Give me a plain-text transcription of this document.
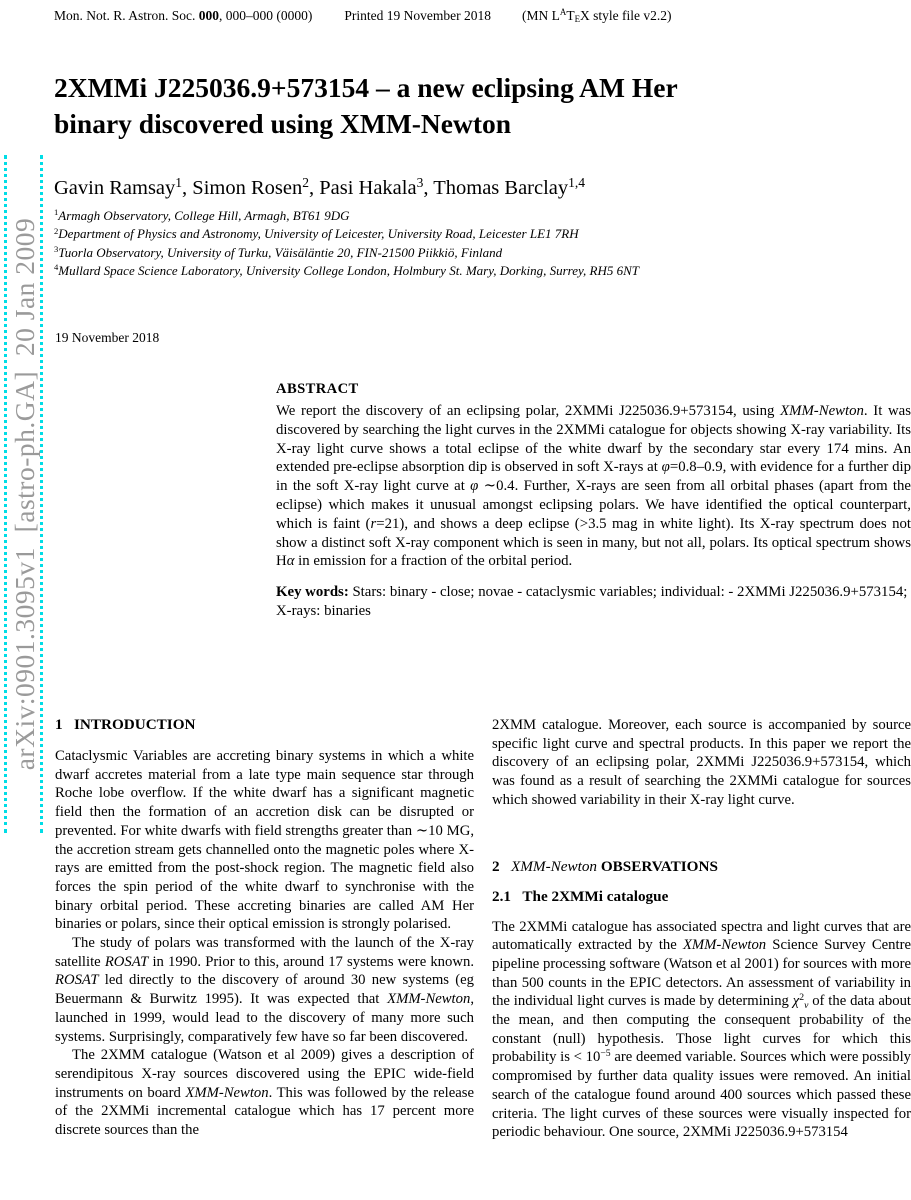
Mon. Not. R. Astron. Soc. 000, 000–000 (0000) Printed 19 November 2018 (MN $L^AT_EX$ style file v2.2)
arXiv:0901.3095v1  [astro-ph.GA]  20 Jan 2009
2XMMi J225036.9+573154 – a new eclipsing AM Her
binary discovered using XMM-Newton
Gavin Ramsay$^1$, Simon Rosen$^2$, Pasi Hakala$^3$, Thomas Barclay$^{1,4}$
$^1$Armagh Observatory, College Hill, Armagh, BT61 9DG
$^2$Department of Physics and Astronomy, University of Leicester, University Road, Leicester LE1 7RH
$^3$Tuorla Observatory, University of Turku, Väisäläntie 20, FIN-21500 Piikkiö, Finland
$^4$Mullard Space Science Laboratory, University College London, Holmbury St. Mary, Dorking, Surrey, RH5 6NT
19 November 2018
ABSTRACT

We report the discovery of an eclipsing polar, 2XMMi J225036.9+573154, using XMM-Newton. It was discovered by searching the light curves in the 2XMMi catalogue for objects showing X-ray variability. Its X-ray light curve shows a total eclipse of the white dwarf by the secondary star every 174 mins. An extended pre-eclipse absorption dip is observed in soft X-rays at φ=0.8–0.9, with evidence for a further dip in the soft X-ray light curve at φ ∼0.4. Further, X-rays are seen from all orbital phases (apart from the eclipse) which makes it unusual amongst eclipsing polars. We have identified the optical counterpart, which is faint (r=21), and shows a deep eclipse (>3.5 mag in white light). Its X-ray spectrum does not show a distinct soft X-ray component which is seen in many, but not all, polars. Its optical spectrum shows Hα in emission for a fraction of the orbital period.

Key words: Stars: binary - close; novae - cataclysmic variables; individual: - 2XMMi J225036.9+573154; X-rays: binaries

1   INTRODUCTION

Cataclysmic Variables are accreting binary systems in which a white dwarf accretes material from a late type main sequence star through Roche lobe overflow. If the white dwarf has a significant magnetic field then the formation of an accretion disk can be disrupted or prevented. For white dwarfs with field strengths greater than ∼10 MG, the accretion stream gets channelled onto the magnetic poles where X-rays are emitted from the post-shock region. The magnetic field also forces the spin period of the white dwarf to synchronise with the binary orbital period. These accreting binaries are called AM Her binaries or polars, since their optical emission is strongly polarised.

The study of polars was transformed with the launch of the X-ray satellite ROSAT in 1990. Prior to this, around 17 systems were known. ROSAT led directly to the discovery of around 30 new systems (eg Beuermann & Burwitz 1995). It was expected that XMM-Newton, launched in 1999, would lead to the discovery of many more such systems. Surprisingly, comparatively few have so far been discovered.

The 2XMM catalogue (Watson et al 2009) gives a description of serendipitous X-ray sources discovered using the EPIC wide-field instruments on board XMM-Newton. This was followed by the release of the 2XMMi incremental catalogue which has 17 percent more discrete sources than the

2XMM catalogue. Moreover, each source is accompanied by source specific light curve and spectral products. In this paper we report the discovery of an eclipsing polar, 2XMMi J225036.9+573154, which was found as a result of searching the 2XMMi catalogue for sources which showed variability in their X-ray light curve.

2   XMM-Newton OBSERVATIONS
2.1   The 2XMMi catalogue

The 2XMMi catalogue has associated spectra and light curves that are automatically extracted by the XMM-Newton Science Survey Centre pipeline processing software (Watson et al 2001) for sources with more than 500 counts in the EPIC detectors. An assessment of variability in the individual light curves is made by determining $\chi^2_\nu$ of the data about the mean, and then computing the consequent probability of the constant (null) hypothesis. Those light curves for which this probability is < $10^{-5}$ are deemed variable. Sources which were possibly compromised by further data quality issues were removed. An initial search of the catalogue found around 400 sources which passed these criteria. The light curves of these sources were visually inspected for periodic behaviour. One source, 2XMMi J225036.9+573154
